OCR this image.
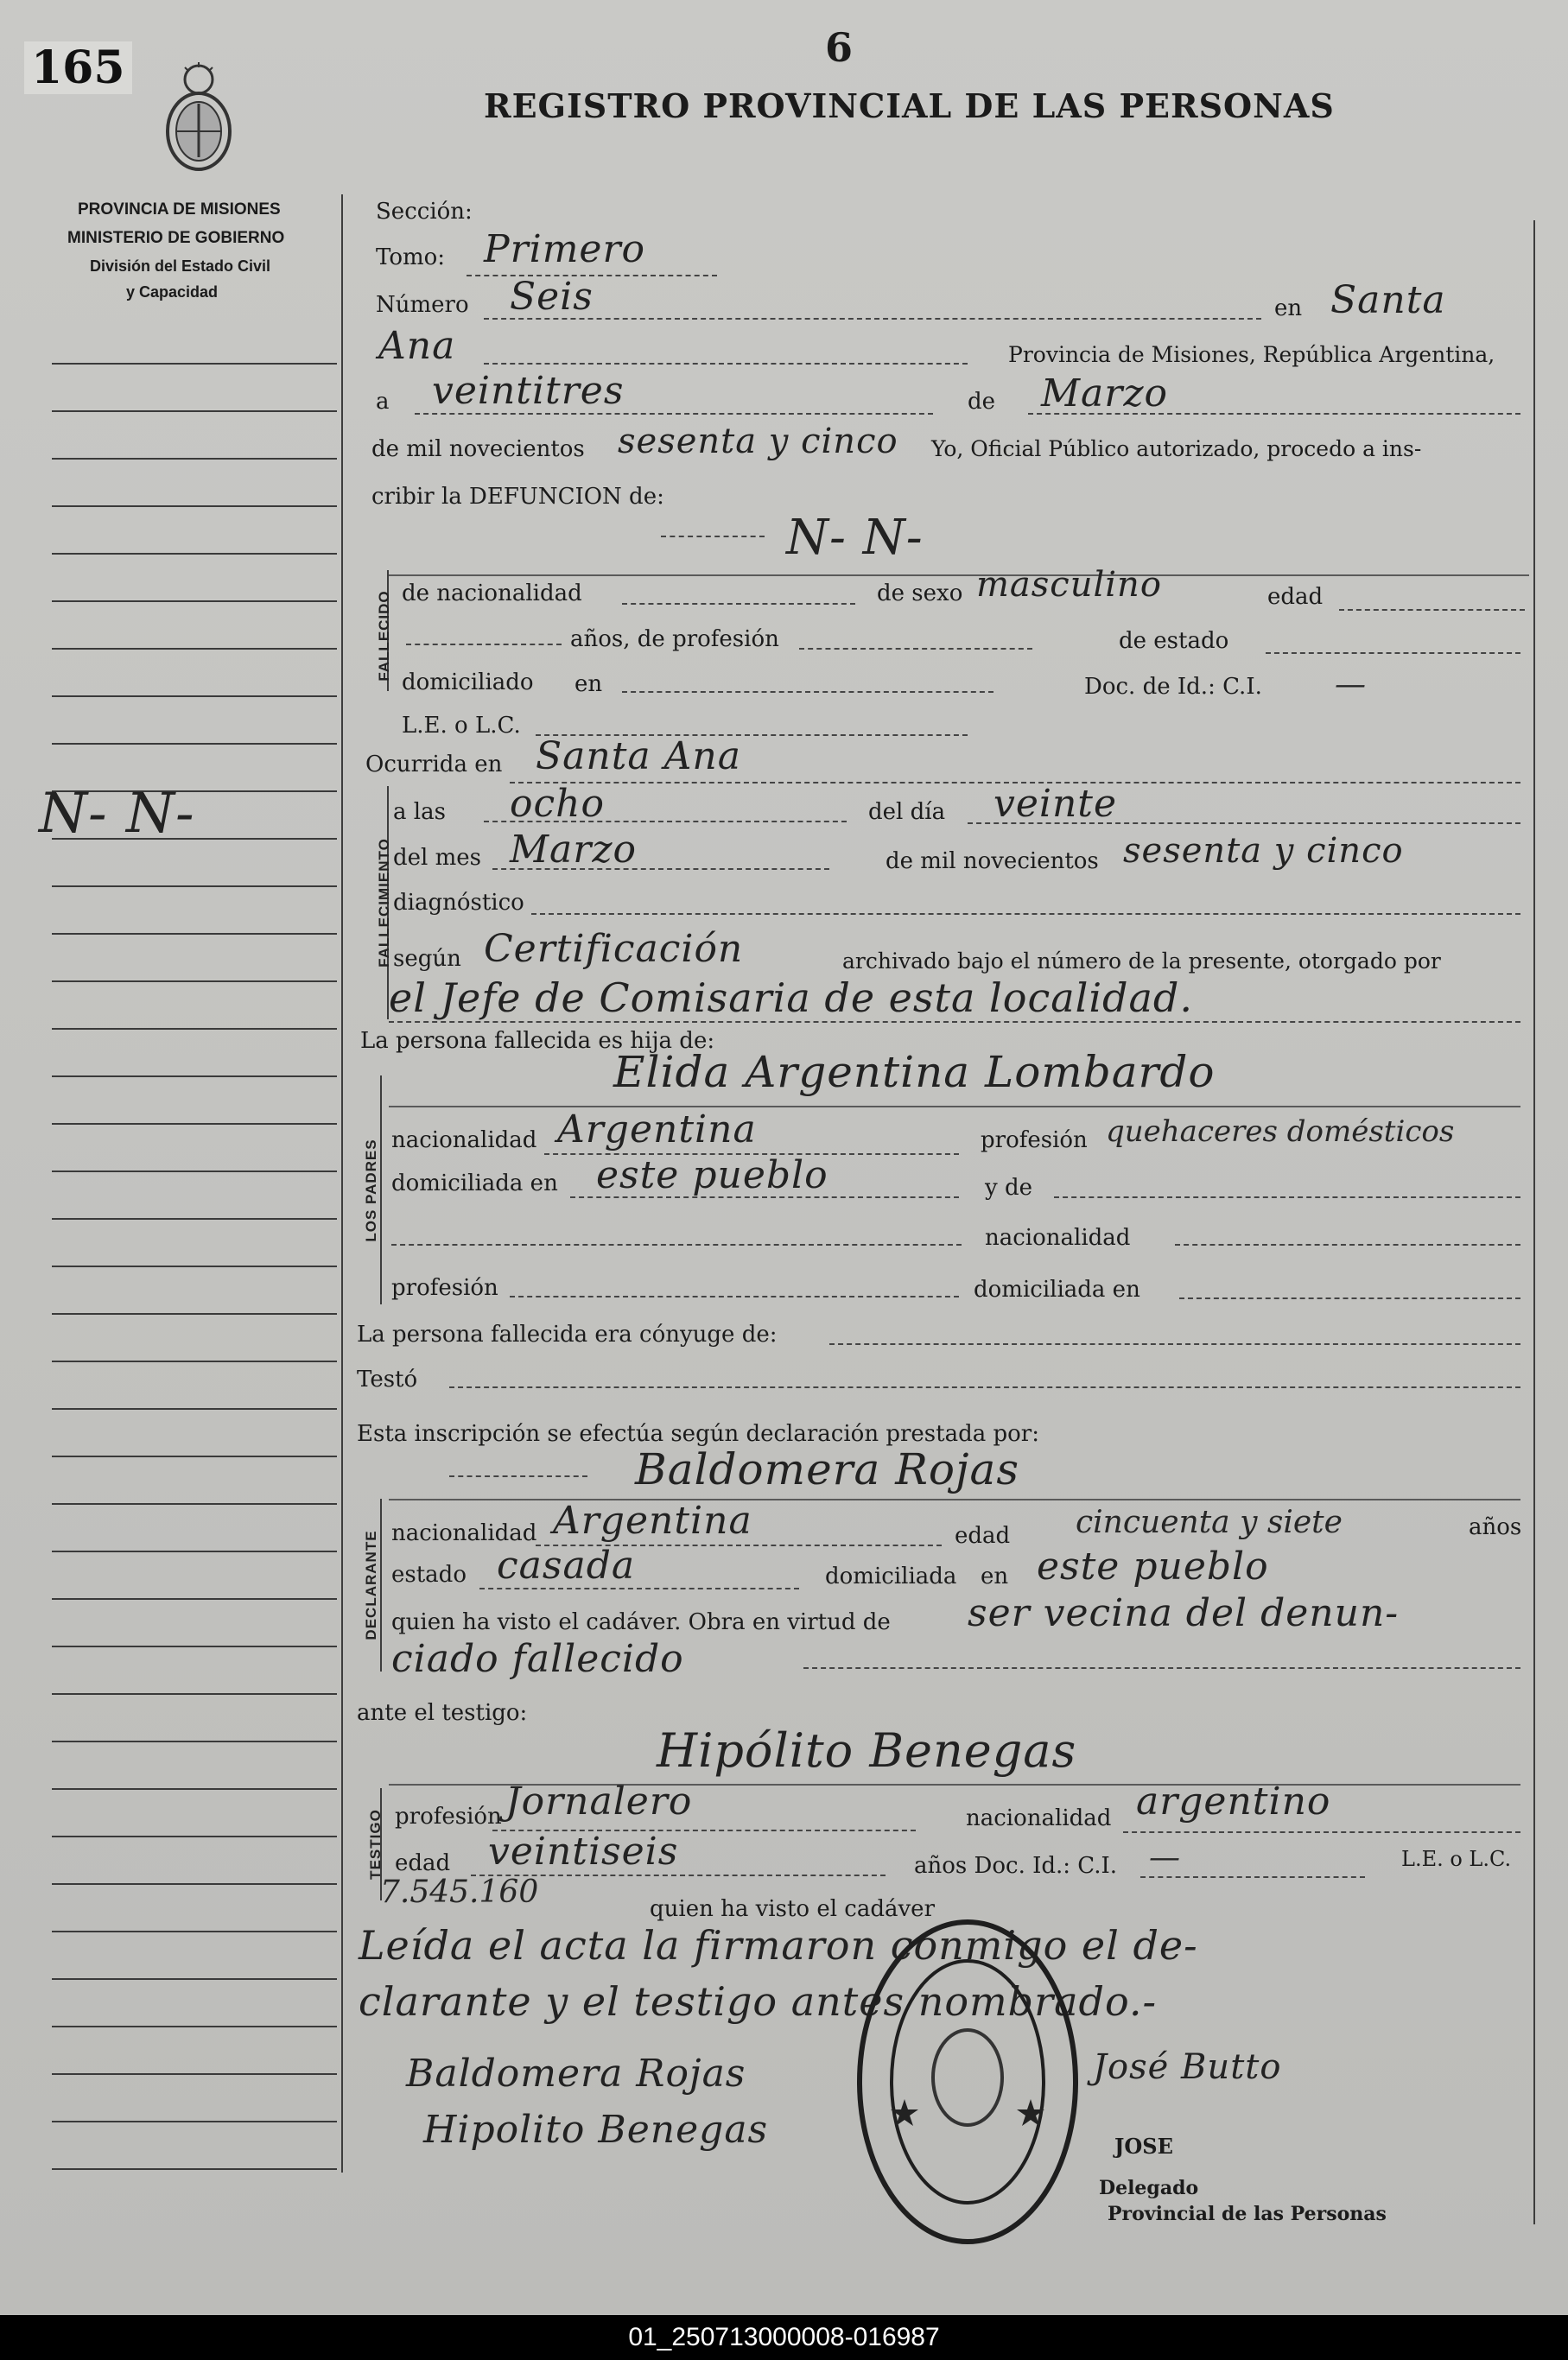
165	6
REGISTRO PROVINCIAL DE LAS PERSONAS
PROVINCIA DE MISIONES
MINISTERIO DE GOBIERNO
División del Estado Civil
y Capacidad
N- N-
Sección:
Tomo: Primero
Número Seis	en Santa
Ana	Provincia de Misiones, República Argentina,
a veintitres	de Marzo
de mil novecientos sesenta y cinco Yo, Oficial Público autorizado, procedo a ins-
cribir la DEFUNCION de:
FALLECIDO
N- N-
de nacionalidad	de sexo masculino	edad
años, de profesión	de estado
domiciliado en	Doc. de Id.: C.I. —
L.E. o L.C.
Ocurrida en Santa Ana
FALLECIMIENTO
a las ocho	del día veinte
del mes Marzo	de mil novecientos sesenta y cinco
diagnóstico
según Certificación	archivado bajo el número de la presente, otorgado por
el Jefe de Comisaria de esta localidad.
La persona fallecida es hija de:
Elida Argentina Lombardo
LOS PADRES nacionalidad Argentina	profesión quehaceres domésticos
domiciliada en este pueblo	y de
nacionalidad
profesión	domiciliada en
La persona fallecida era cónyuge de:
Testó
Esta inscripción se efectúa según declaración prestada por:
Baldomera Rojas
DECLARANTE nacionalidad Argentina	edad cincuenta y siete	años
estado casada	domiciliada en este pueblo
quien ha visto el cadáver. Obra en virtud de ser vecina del denun-
ciado fallecido
ante el testigo:
Hipólito Benegas
TESTIGO profesión Jornalero	nacionalidad argentino
edad veintiseis	años Doc. Id.: C.I. —	L.E. o L.C.
7.545.160	quien ha visto el cadáver
Leída el acta la firmaron conmigo el de-
clarante y el testigo antes nombrado.-
Baldomera Rojas
Hipolito Benegas
José Butto
JOSE
Delegado
Provincial de las Personas
01_250713000008-016987
